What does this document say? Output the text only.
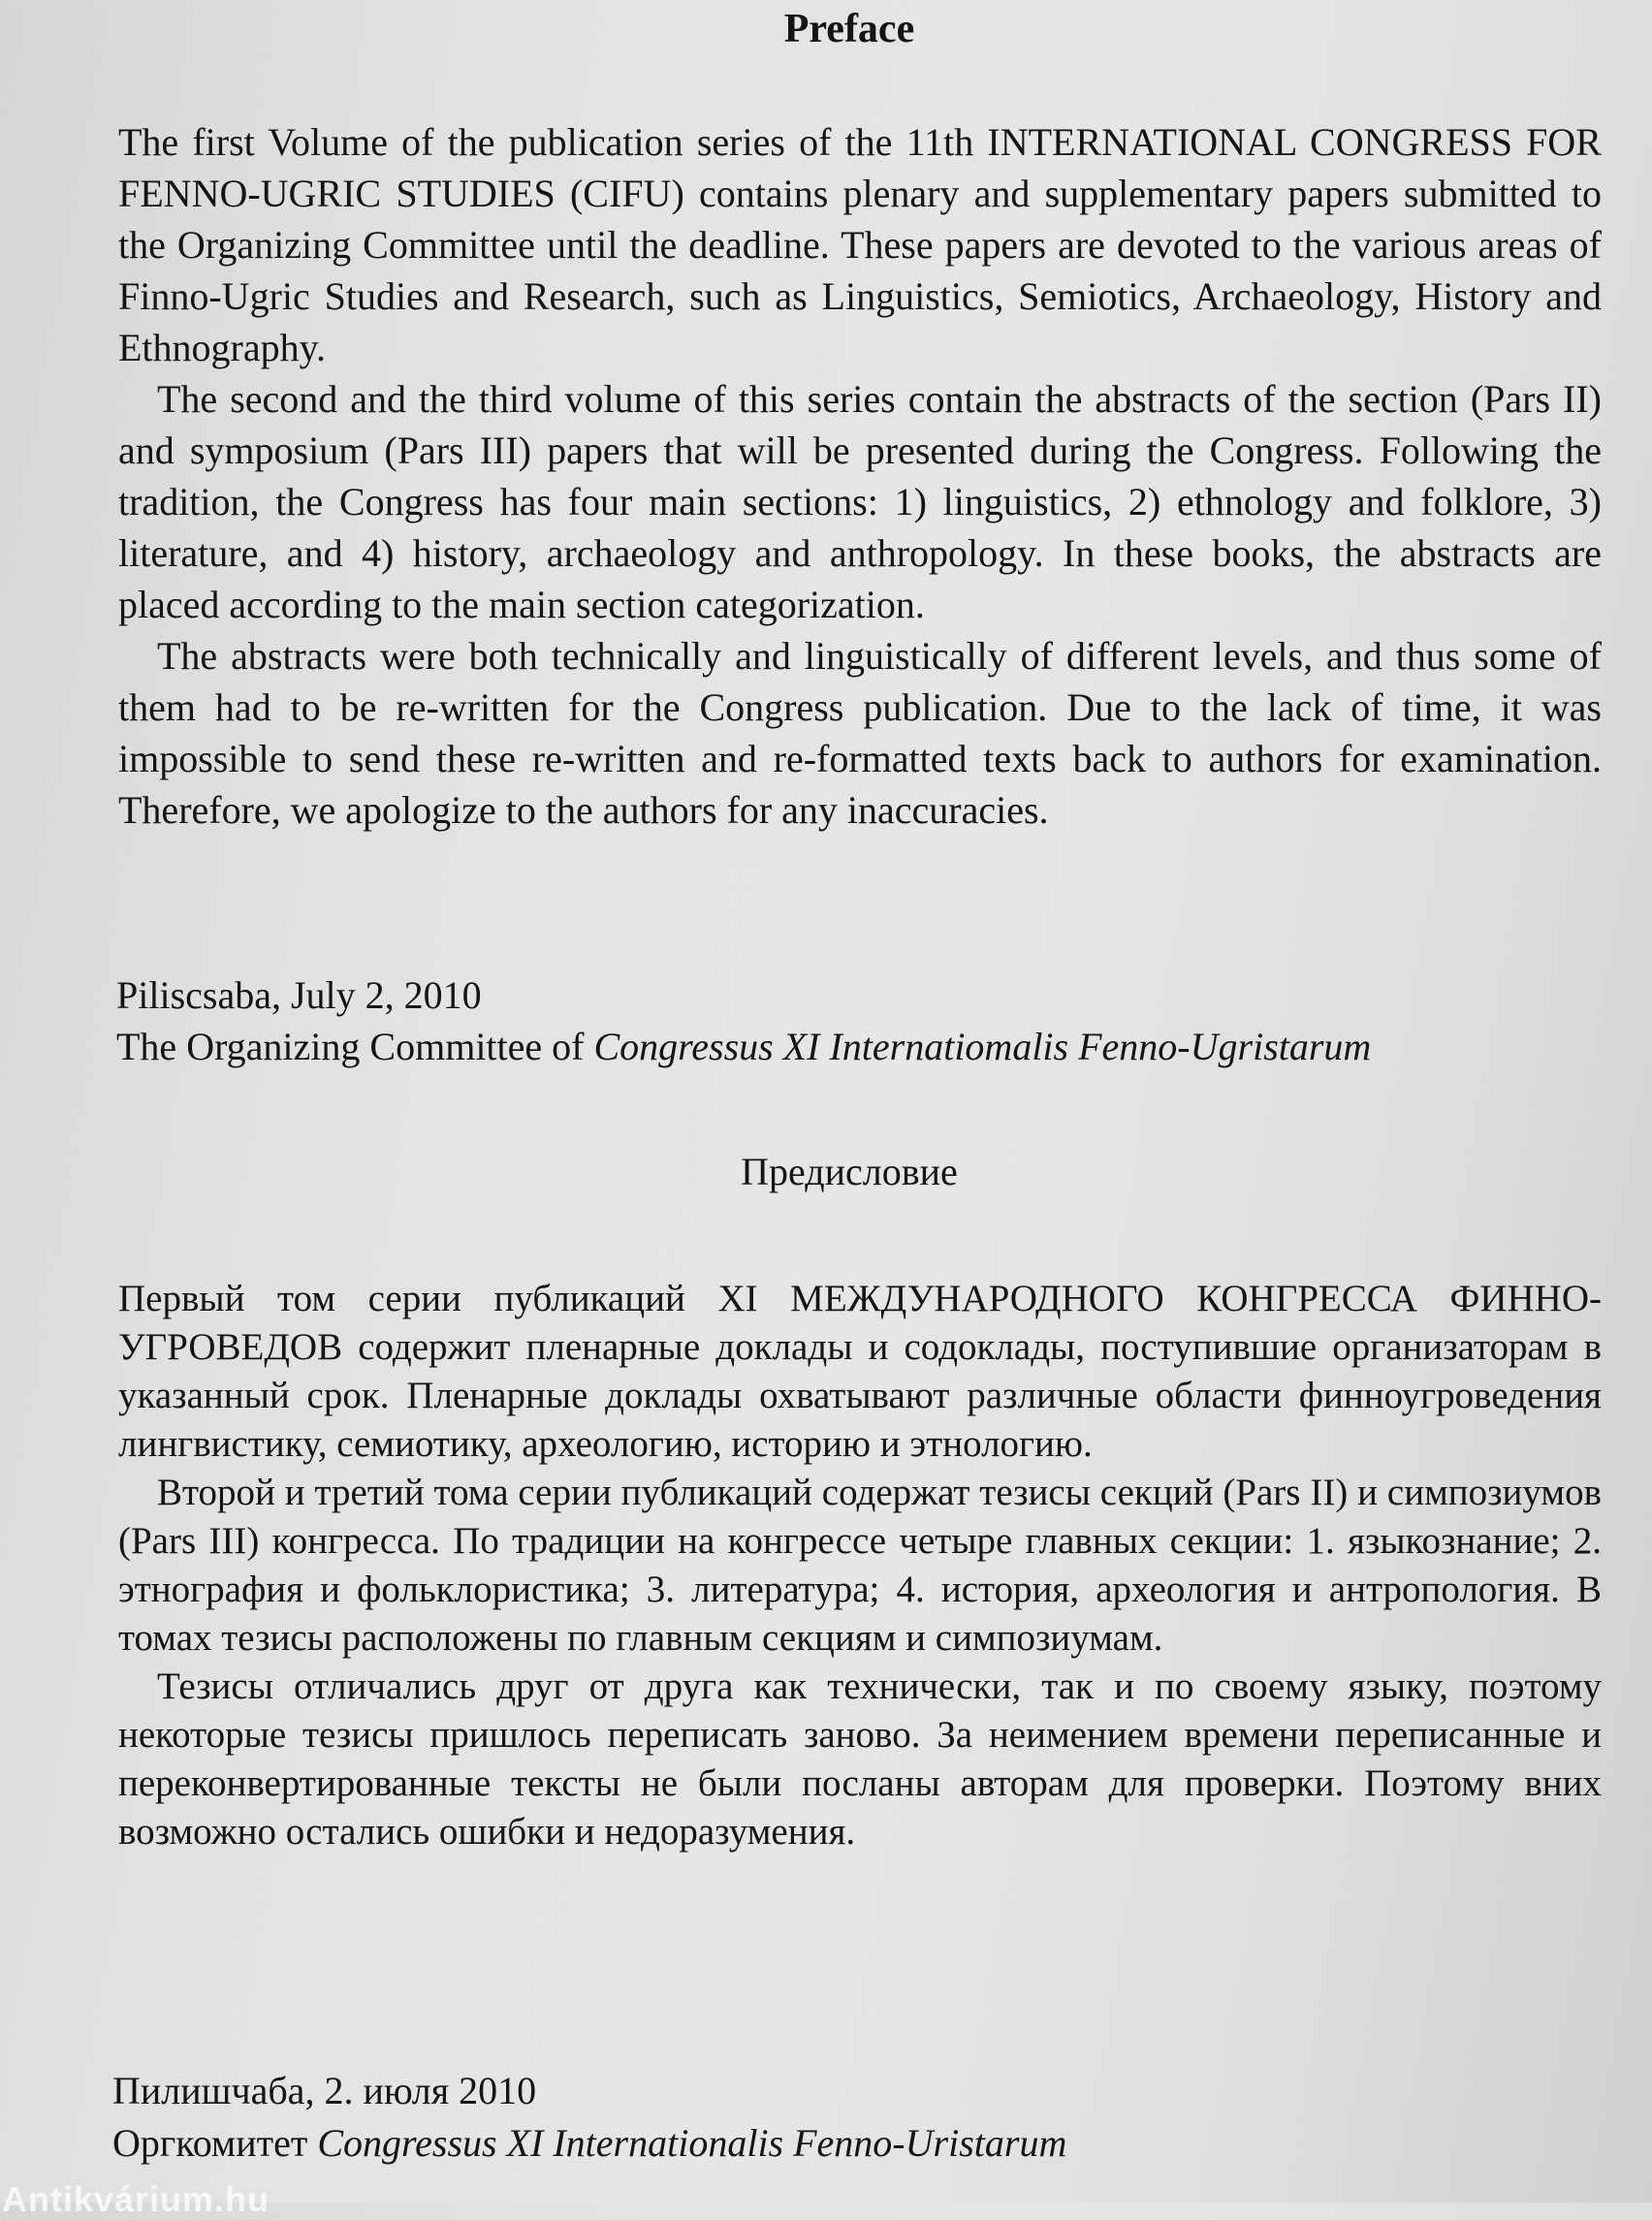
Preface

The first Volume of the publication series of the 11th INTERNATIONAL CONGRESS FOR FENNO-UGRIC STUDIES (CIFU) contains plenary and supplementary papers submitted to the Organizing Committee until the deadline. These papers are devoted to the various areas of Finno-Ugric Studies and Research, such as Linguistics, Semiotics, Archaeology, History and Ethnography.

The second and the third volume of this series contain the abstracts of the section (Pars II) and symposium (Pars III) papers that will be presented during the Congress. Following the tradition, the Congress has four main sections: 1) linguistics, 2) ethnology and folklore, 3) literature, and 4) history, archaeology and anthropology. In these books, the abstracts are placed according to the main section categorization.

The abstracts were both technically and linguistically of different levels, and thus some of them had to be re-written for the Congress publication. Due to the lack of time, it was impossible to send these re-written and re-formatted texts back to authors for examination. Therefore, we apologize to the authors for any inaccuracies.

Piliscsaba, July 2, 2010
The Organizing Committee of Congressus XI Internatiomalis Fenno-Ugristarum
Предисловие

Первый том серии публикаций XI МЕЖДУНАРОДНОГО КОНГРЕССА ФИННО-УГРОВЕДОВ содержит пленарные доклады и содоклады, поступившие организаторам в указанный срок. Пленарные доклады охватывают различные области финноугроведения лингвистику, семиотику, археологию, историю и этнологию.

Второй и третий тома серии публикаций содержат тезисы секций (Pars II) и симпозиумов (Pars III) конгресса. По традиции на конгрессе четыре главных секции: 1. языкознание; 2. этнография и фольклористика; 3. литература; 4. история, археология и антропология. В томах тезисы расположены по главным секциям и симпозиумам.

Тезисы отличались друг от друга как технически, так и по своему языку, поэтому некоторые тезисы пришлось переписать заново. За неимением времени переписанные и переконвертированные тексты не были посланы авторам для проверки. Поэтому вних возможно остались ошибки и недоразумения.

Пилишчаба, 2. июля 2010
Оргкомитет Congressus XI Internationalis Fenno-Uristarum
Antikvárium.hu
